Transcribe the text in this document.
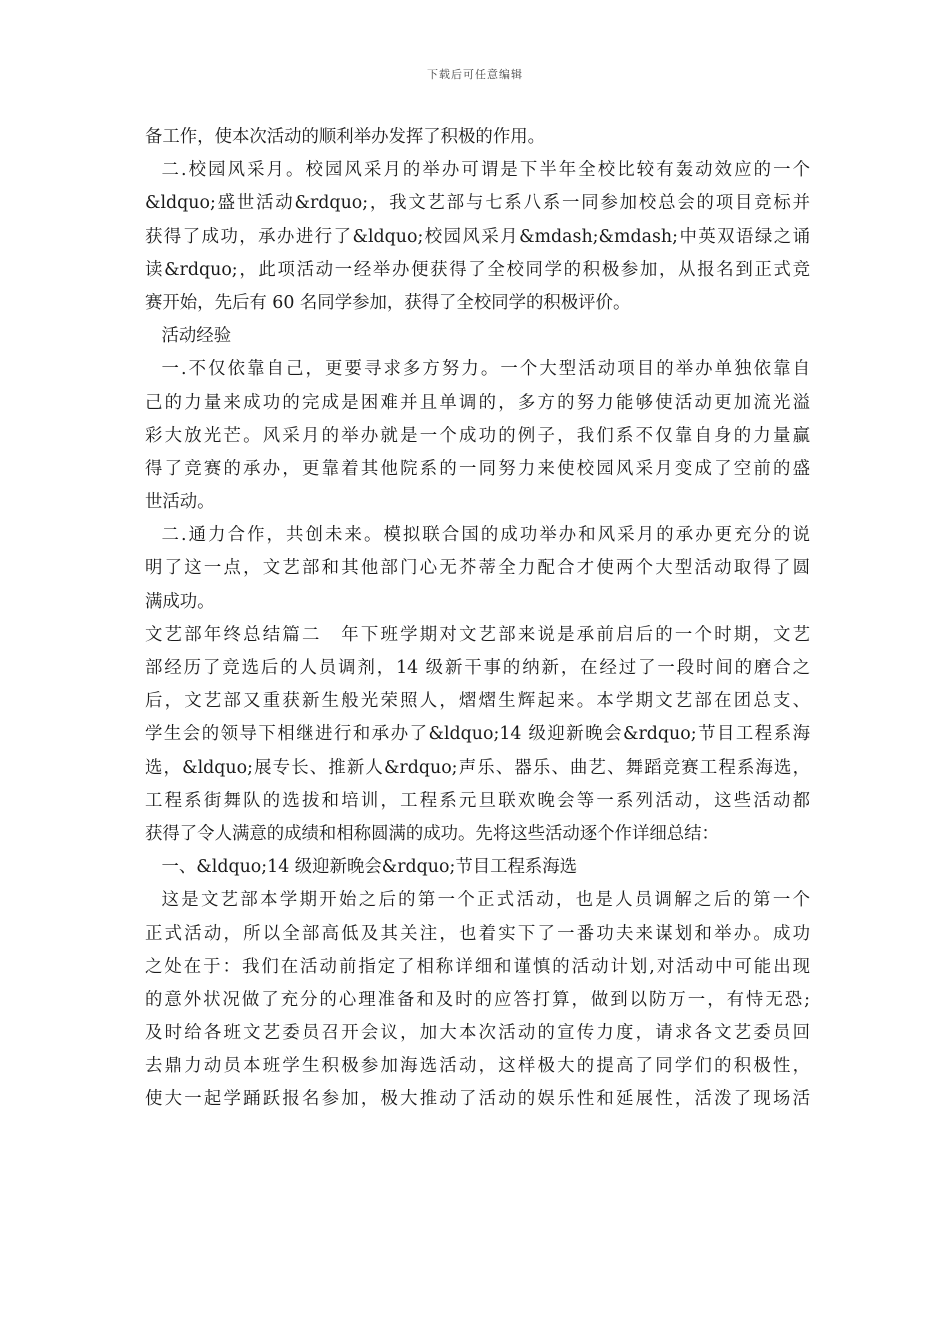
下载后可任意编辑
备工作，使本次活动的顺利举办发挥了积极的作用。
二.校园风采月。校园风采月的举办可谓是下半年全校比较有轰动效应的一个
&ldquo;盛世活动&rdquo;，我文艺部与七系八系一同参加校总会的项目竞标并
获得了成功，承办进行了&ldquo;校园风采月&mdash;&mdash;中英双语绿之诵
读&rdquo;，此项活动一经举办便获得了全校同学的积极参加，从报名到正式竞
赛开始，先后有 60 名同学参加，获得了全校同学的积极评价。
活动经验
一.不仅依靠自己，更要寻求多方努力。一个大型活动项目的举办单独依靠自
己的力量来成功的完成是困难并且单调的，多方的努力能够使活动更加流光溢
彩大放光芒。风采月的举办就是一个成功的例子，我们系不仅靠自身的力量赢
得了竞赛的承办，更靠着其他院系的一同努力来使校园风采月变成了空前的盛
世活动。
二.通力合作，共创未来。模拟联合国的成功举办和风采月的承办更充分的说
明了这一点，文艺部和其他部门心无芥蒂全力配合才使两个大型活动取得了圆
满成功。
文艺部年终总结篇二　年下班学期对文艺部来说是承前启后的一个时期，文艺
部经历了竞选后的人员调剂，14 级新干事的纳新，在经过了一段时间的磨合之
后，文艺部又重获新生般光荣照人，熠熠生辉起来。本学期文艺部在团总支、
学生会的领导下相继进行和承办了&ldquo;14 级迎新晚会&rdquo;节目工程系海
选，&ldquo;展专长、推新人&rdquo;声乐、器乐、曲艺、舞蹈竞赛工程系海选，
工程系街舞队的选拔和培训，工程系元旦联欢晚会等一系列活动，这些活动都
获得了令人满意的成绩和相称圆满的成功。先将这些活动逐个作详细总结：
一、&ldquo;14 级迎新晚会&rdquo;节目工程系海选
这是文艺部本学期开始之后的第一个正式活动，也是人员调解之后的第一个
正式活动，所以全部高低及其关注，也着实下了一番功夫来谋划和举办。成功
之处在于：我们在活动前指定了相称详细和谨慎的活动计划,对活动中可能出现
的意外状况做了充分的心理准备和及时的应答打算，做到以防万一，有恃无恐;
及时给各班文艺委员召开会议，加大本次活动的宣传力度，请求各文艺委员回
去鼎力动员本班学生积极参加海选活动，这样极大的提高了同学们的积极性，
使大一起学踊跃报名参加，极大推动了活动的娱乐性和延展性，活泼了现场活
